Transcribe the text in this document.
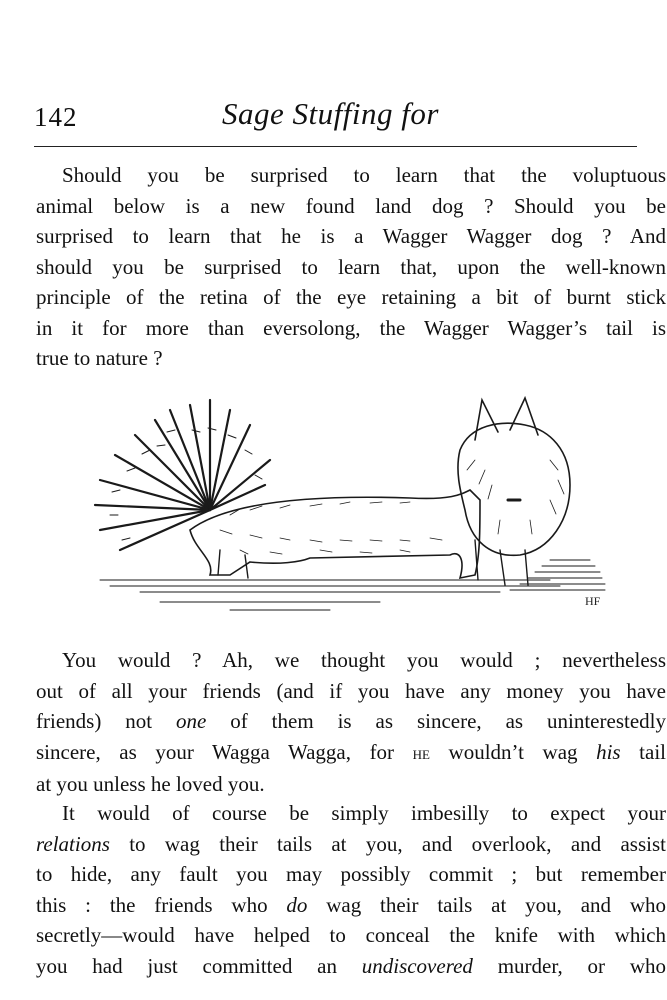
142	Sage Stuffing for
Should you be surprised to learn that the voluptuous
animal below is a new found land dog ? Should you be
surprised to learn that he is a Wagger Wagger dog ? And
should you be surprised to learn that, upon the well-known
principle of the retina of the eye retaining a bit of burnt stick
in it for more than eversolong, the Wagger Wagger’s tail is
true to nature ?
HF
You would ? Ah, we thought you would ; nevertheless
out of all your friends (and if you have any money you have
friends) not one of them is as sincere, as uninterestedly
sincere, as your Wagga Wagga, for he wouldn’t wag his tail
at you unless he loved you.
It would of course be simply imbesilly to expect your
relations to wag their tails at you, and overlook, and assist
to hide, any fault you may possibly commit ; but remember
this : the friends who do wag their tails at you, and who
secretly—would have helped to conceal the knife with which
you had just committed an undiscovered murder, or who
